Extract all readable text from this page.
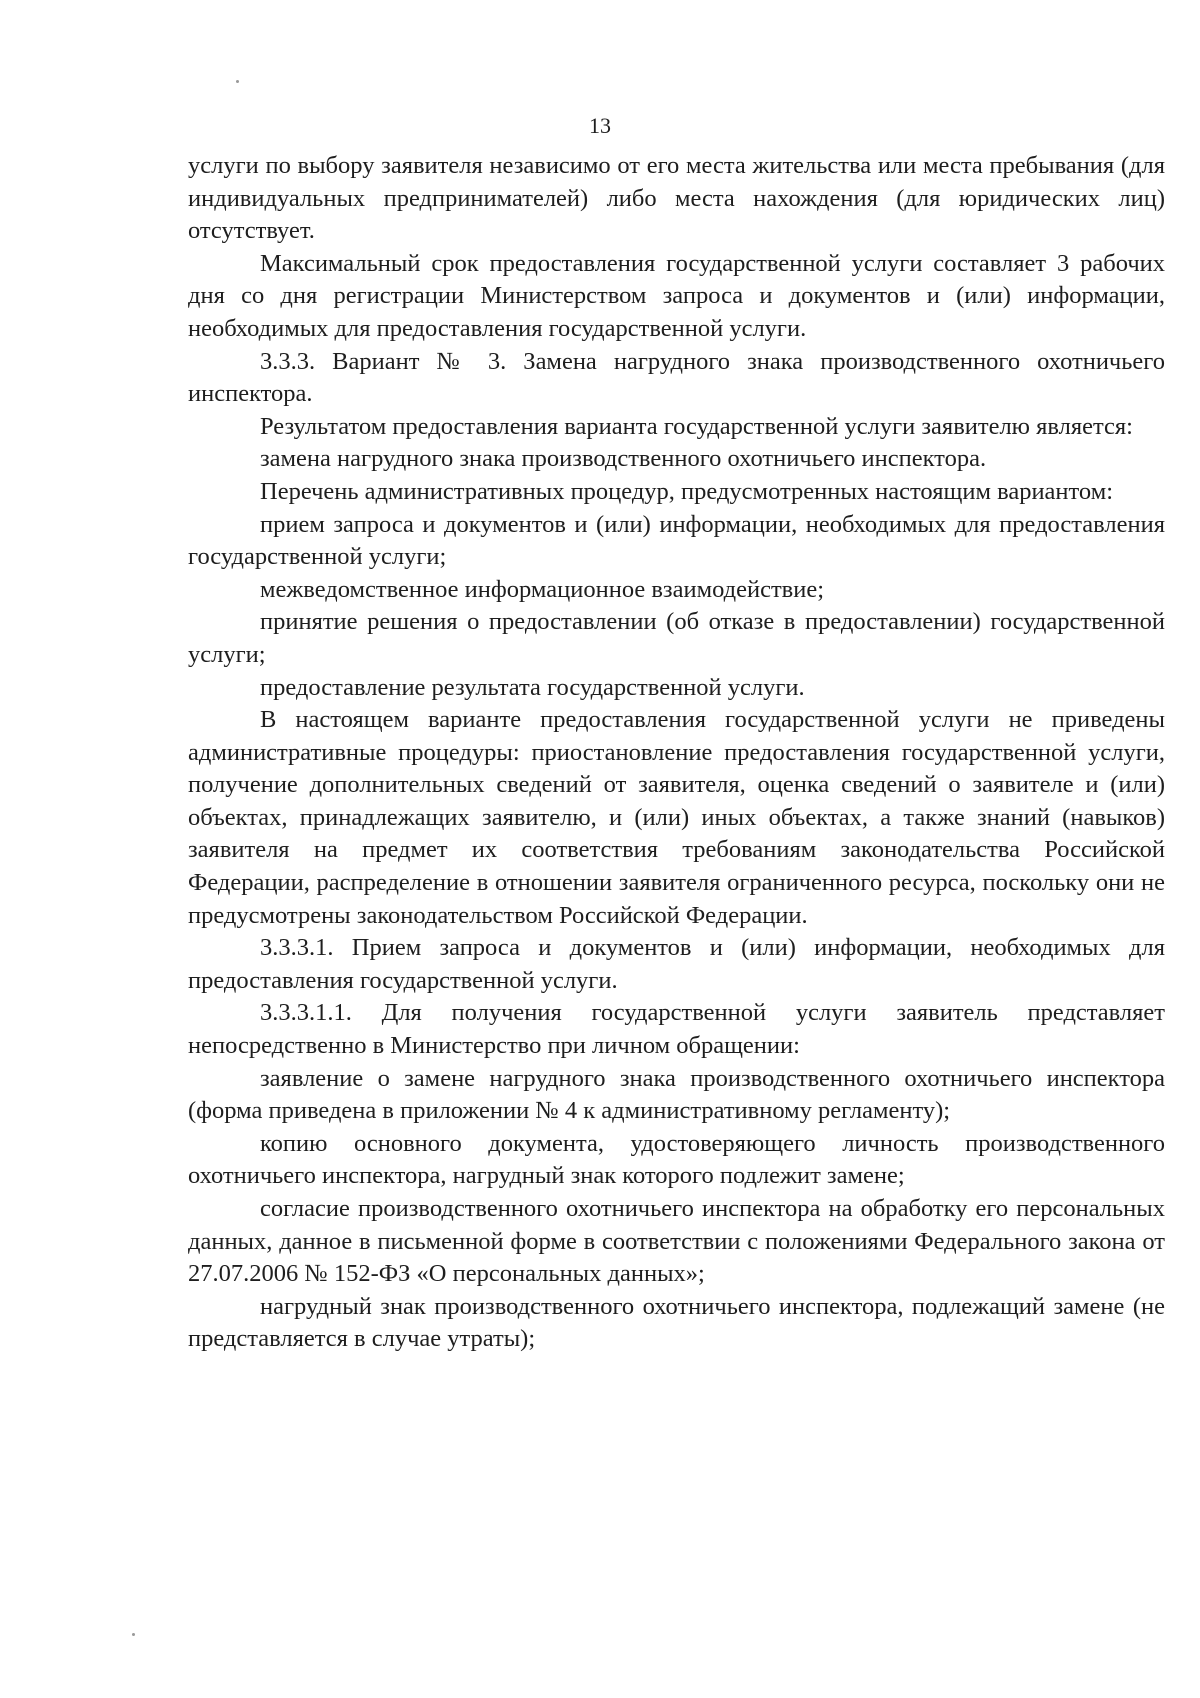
13

услуги по выбору заявителя независимо от его места жительства или места пребывания (для индивидуальных предпринимателей) либо места нахождения (для юридических лиц) отсутствует.

Максимальный срок предоставления государственной услуги составляет 3 рабочих дня со дня регистрации Министерством запроса и документов и (или) информации, необходимых для предоставления государственной услуги.

3.3.3. Вариант № 3. Замена нагрудного знака производственного охотничьего инспектора.

Результатом предоставления варианта государственной услуги заявителю является:

замена нагрудного знака производственного охотничьего инспектора.

Перечень административных процедур, предусмотренных настоящим вариантом:

прием запроса и документов и (или) информации, необходимых для предоставления государственной услуги;

межведомственное информационное взаимодействие;

принятие решения о предоставлении (об отказе в предоставлении) государственной услуги;

предоставление результата государственной услуги.

В настоящем варианте предоставления государственной услуги не приведены административные процедуры: приостановление предоставления государственной услуги, получение дополнительных сведений от заявителя, оценка сведений о заявителе и (или) объектах, принадлежащих заявителю, и (или) иных объектах, а также знаний (навыков) заявителя на предмет их соответствия требованиям законодательства Российской Федерации, распределение в отношении заявителя ограниченного ресурса, поскольку они не предусмотрены законодательством Российской Федерации.

3.3.3.1. Прием запроса и документов и (или) информации, необходимых для предоставления государственной услуги.

3.3.3.1.1. Для получения государственной услуги заявитель представляет непосредственно в Министерство при личном обращении:

заявление о замене нагрудного знака производственного охотничьего инспектора (форма приведена в приложении № 4 к административному регламенту);

копию основного документа, удостоверяющего личность производственного охотничьего инспектора, нагрудный знак которого подлежит замене;

согласие производственного охотничьего инспектора на обработку его персональных данных, данное в письменной форме в соответствии с положениями Федерального закона от 27.07.2006 № 152-ФЗ «О персональных данных»;

нагрудный знак производственного охотничьего инспектора, подлежащий замене (не представляется в случае утраты);
